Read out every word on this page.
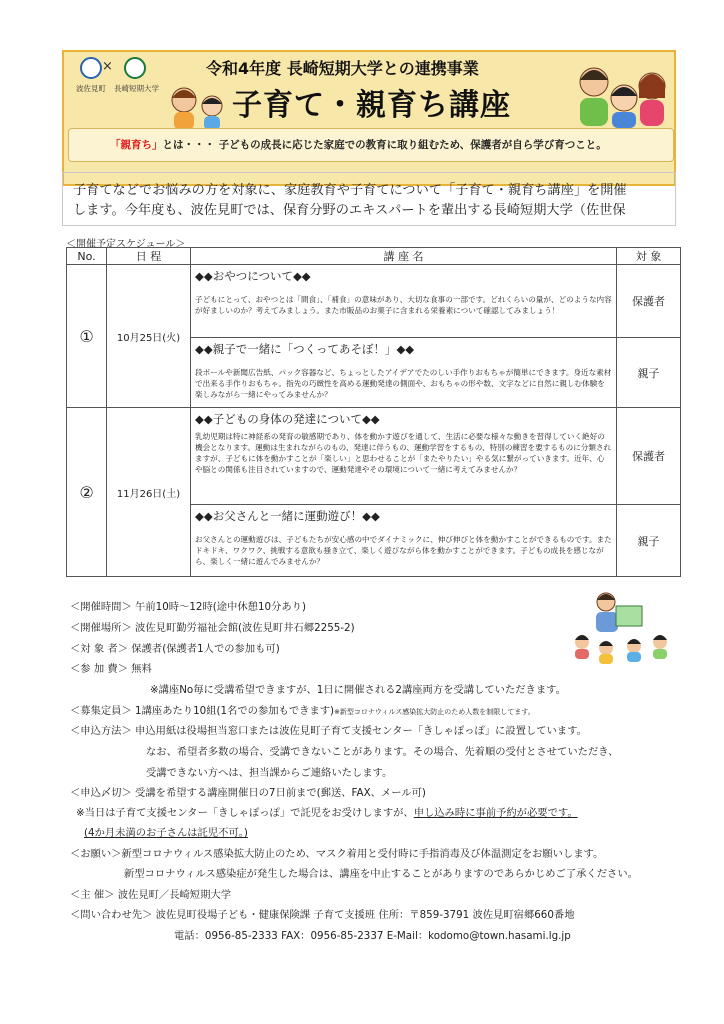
×
波佐見町 長崎短期大学
令和4年度 長崎短期大学との連携事業
子育て・親育ち講座
「親育ち」とは・・・ 子どもの成長に応じた家庭での教育に取り組むため、保護者が自ら学び育つこと。
子育てなどでお悩みの方を対象に、家庭教育や子育てについて「子育て・親育ち講座」を開催
します。今年度も、波佐見町では、保育分野のエキスパートを輩出する長崎短期大学（佐世保
＜開催予定スケジュール＞
No.	日 程	講 座 名	対 象
①	10月25日(火)	◆◆おやつについて◆◆
子どもにとって、おやつとは「間食」、「補食」の意味があり、大切な食事の一部です。どれくらいの量が、どのような内容が好ましいのか？考えてみましょう。また市販品のお菓子に含まれる栄養素について確認してみましょう！	保護者

		◆◆親子で一緒に「つくってあそぼ！」◆◆
段ボールや新聞広告紙、パック容器など、ちょっとしたアイデアでたのしい手作りおもちゃが簡単にできます。身近な素材で出来る手作りおもちゃ。指先の巧緻性を高める運動発達の側面や、おもちゃの形や数、文字などに自然に親しむ体験を楽しみながら一緒にやってみませんか？	親子
②	11月26日(土)	◆◆子どもの身体の発達について◆◆
乳幼児期は特に神経系の発育の敏感期であり、体を動かす遊びを通して、生活に必要な様々な動きを習得していく絶好の機会となります。運動は生まれながらのもの、発達に伴うもの、運動学習をするもの、特別の練習を要するものに分類されますが、子どもに体を動かすことが「楽しい」と思わせることが「またやりたい」やる気に繋がっていきます。近年、心や脳との関係も注目されていますので、運動発達やその環境について一緒に考えてみませんか？	保護者

		◆◆お父さんと一緒に運動遊び！◆◆
お父さんとの運動遊びは、子どもたちが安心感の中でダイナミックに、伸び伸びと体を動かすことができるものです。またドキドキ、ワクワク、挑戦する意欲も掻き立て、楽しく遊びながら体を動かすことができます。子どもの成長を感じながら、楽しく一緒に遊んでみませんか？	親子
＜開催時間＞ 午前10時～12時(途中休憩10分あり)
＜開催場所＞ 波佐見町勤労福祉会館(波佐見町井石郷2255-2)
＜対 象 者＞ 保護者(保護者1人での参加も可)
＜参 加 費＞ 無料
※講座No毎に受講希望できますが、1日に開催される2講座両方を受講していただきます。
＜募集定員＞ 1講座あたり10組(1名での参加もできます)※新型コロナウィルス感染拡大防止のため人数を制限してます。
＜申込方法＞ 申込用紙は役場担当窓口または波佐見町子育て支援センター「きしゃぽっぽ」に設置しています。
なお、希望者多数の場合、受講できないことがあります。その場合、先着順の受付とさせていただき、
受講できない方へは、担当課からご連絡いたします。
＜申込〆切＞ 受講を希望する講座開催日の7日前まで(郵送、FAX、メール可)
※当日は子育て支援センター「きしゃぽっぽ」で託児をお受けしますが、申し込み時に事前予約が必要です。
(4か月未満のお子さんは託児不可。)
＜お願い＞新型コロナウィルス感染拡大防止のため、マスク着用と受付時に手指消毒及び体温測定をお願いします。
新型コロナウィルス感染症が発生した場合は、講座を中止することがありますのであらかじめご了承ください。
＜主 催＞ 波佐見町／長崎短期大学
＜問い合わせ先＞ 波佐見町役場子ども・健康保険課 子育て支援班 住所：〒859-3791 波佐見町宿郷660番地
電話：0956-85-2333 FAX：0956-85-2337 E-Mail：kodomo@town.hasami.lg.jp
